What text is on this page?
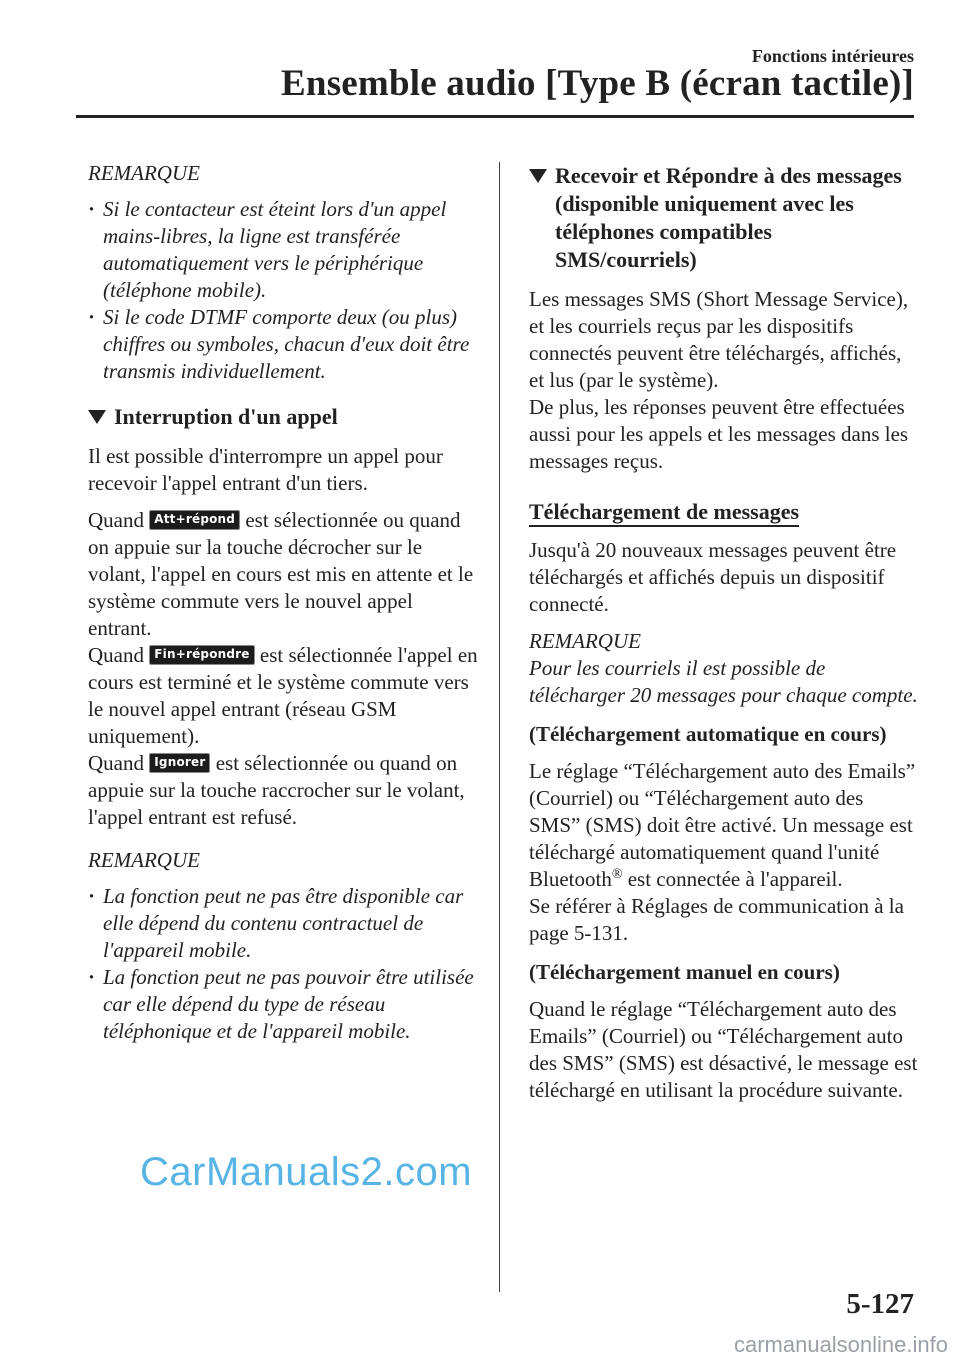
Fonctions intérieures
Ensemble audio [Type B (écran tactile)]
REMARQUE
· Si le contacteur est éteint lors d'un appel mains-libres, la ligne est transférée automatiquement vers le périphérique (téléphone mobile).
· Si le code DTMF comporte deux (ou plus) chiffres ou symboles, chacun d'eux doit être transmis individuellement.
Interruption d'un appel

Il est possible d'interrompre un appel pour recevoir l'appel entrant d'un tiers.

Quand Att+répond est sélectionnée ou quand on appuie sur la touche décrocher sur le volant, l'appel en cours est mis en attente et le système commute vers le nouvel appel entrant.

Quand Fin+répondre est sélectionnée l'appel en cours est terminé et le système commute vers le nouvel appel entrant (réseau GSM uniquement).

Quand Ignorer est sélectionnée ou quand on appuie sur la touche raccrocher sur le volant, l'appel entrant est refusé.

REMARQUE
· La fonction peut ne pas être disponible car elle dépend du contenu contractuel de l'appareil mobile.
· La fonction peut ne pas pouvoir être utilisée car elle dépend du type de réseau téléphonique et de l'appareil mobile.
Recevoir et Répondre à des messages (disponible uniquement avec les téléphones compatibles SMS/courriels)

Les messages SMS (Short Message Service), et les courriels reçus par les dispositifs connectés peuvent être téléchargés, affichés, et lus (par le système).

De plus, les réponses peuvent être effectuées aussi pour les appels et les messages dans les messages reçus.

Téléchargement de messages

Jusqu'à 20 nouveaux messages peuvent être téléchargés et affichés depuis un dispositif connecté.

REMARQUE

Pour les courriels il est possible de télécharger 20 messages pour chaque compte.

(Téléchargement automatique en cours)

Le réglage “Téléchargement auto des Emails” (Courriel) ou “Téléchargement auto des SMS” (SMS) doit être activé. Un message est téléchargé automatiquement quand l'unité Bluetooth® est connectée à l'appareil.

Se référer à Réglages de communication à la page 5-131.

(Téléchargement manuel en cours)

Quand le réglage “Téléchargement auto des Emails” (Courriel) ou “Téléchargement auto des SMS” (SMS) est désactivé, le message est téléchargé en utilisant la procédure suivante.

CarManuals2.com
5-127
carmanualsonline.info
